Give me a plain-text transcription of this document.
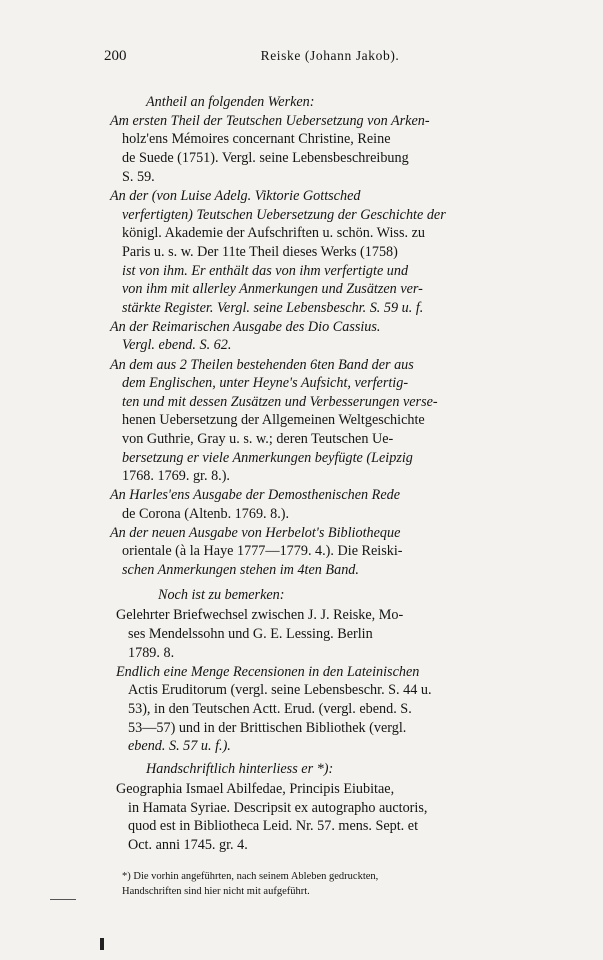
200	Reiske (Johann Jakob).
Antheil an folgenden Werken:
Am ersten Theil der Teutschen Uebersetzung von Arken-
holz'ens Mémoires concernant Christine, Reine
de Suede (1751). Vergl. seine Lebensbeschreibung
S. 59.
An der (von Luise Adelg. Viktorie Gottsched
verfertigten) Teutschen Uebersetzung der Geschichte der
königl. Akademie der Aufschriften u. schön. Wiss. zu
Paris u. s. w. Der 11te Theil dieses Werks (1758)
ist von ihm. Er enthält das von ihm verfertigte und
von ihm mit allerley Anmerkungen und Zusätzen ver-
stärkte Register. Vergl. seine Lebensbeschr. S. 59 u. f.
An der Reimarischen Ausgabe des Dio Cassius.
Vergl. ebend. S. 62.
An dem aus 2 Theilen bestehenden 6ten Band der aus
dem Englischen, unter Heyne's Aufsicht, verfertig-
ten und mit dessen Zusätzen und Verbesserungen verse-
henen Uebersetzung der Allgemeinen Weltgeschichte
von Guthrie, Gray u. s. w.; deren Teutschen Ue-
bersetzung er viele Anmerkungen beyfügte (Leipzig
1768. 1769. gr. 8.).
An Harles'ens Ausgabe der Demosthenischen Rede
de Corona (Altenb. 1769. 8.).
An der neuen Ausgabe von Herbelot's Bibliotheque
orientale (à la Haye 1777—1779. 4.). Die Reiski-
schen Anmerkungen stehen im 4ten Band.
Noch ist zu bemerken:
Gelehrter Briefwechsel zwischen J. J. Reiske, Mo-
ses Mendelssohn und G. E. Lessing. Berlin
1789. 8.
Endlich eine Menge Recensionen in den Lateinischen
Actis Eruditorum (vergl. seine Lebensbeschr. S. 44 u.
53), in den Teutschen Actt. Erud. (vergl. ebend. S.
53—57) und in der Brittischen Bibliothek (vergl.
ebend. S. 57 u. f.).
Handschriftlich hinterliess er *):
Geographia Ismael Abilfedae, Principis Eiubitae,
in Hamata Syriae. Descripsit ex autographo auctoris,
quod est in Bibliotheca Leid. Nr. 57. mens. Sept. et
Oct. anni 1745. gr. 4.
*) Die vorhin angeführten, nach seinem Ableben gedruckten,
Handschriften sind hier nicht mit aufgeführt.
